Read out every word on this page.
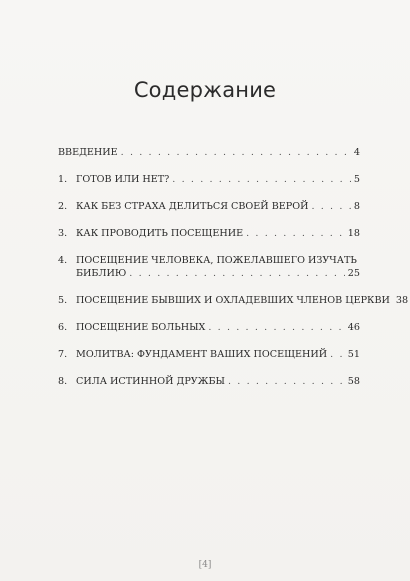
Содержание
ВВЕДЕНИЕ . . .	4
1. ГОТОВ ИЛИ НЕТ? . . .	5
2. КАК БЕЗ СТРАХА ДЕЛИТЬСЯ СВОЕЙ ВЕРОЙ . . .	8
3. КАК ПРОВОДИТЬ ПОСЕЩЕНИЕ . . .	18
4. ПОСЕЩЕНИЕ ЧЕЛОВЕКА, ПОЖЕЛАВШЕГО ИЗУЧАТЬ
БИБЛИЮ . . .	25
5. ПОСЕЩЕНИЕ БЫВШИХ И ОХЛАДЕВШИХ ЧЛЕНОВ ЦЕРКВИ 38
6. ПОСЕЩЕНИЕ БОЛЬНЫХ . . .	46
7. МОЛИТВА: ФУНДАМЕНТ ВАШИХ ПОСЕЩЕНИЙ . . . 51
8. СИЛА ИСТИННОЙ ДРУЖБЫ . . .	58
[4]
